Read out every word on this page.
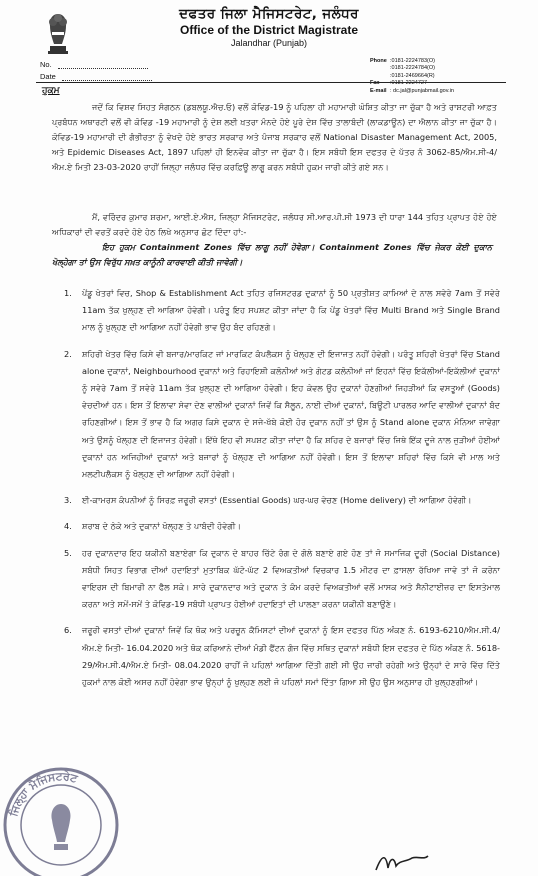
ਦਫਤਰ ਜਿਲਾ ਮੈਜਿਸਟਰੇਟ, ਜਲੰਧਰ
Office of the District Magistrate
Jalandhar (Punjab)
Phone :0181-2224783(O)
:0181-2224784(O)
:0181-2469664(R)
Fax :0181-2224727
E-mail : dc.jal@punjabmail.gov.in
No.
Date
ਹੁਕਮ
ਜਦੋਂ ਕਿ ਵਿਸ਼ਵ ਸਿਹਤ ਸੰਗਠਨ (ਡਬਲਯੂ.ਐਚ.ਓ) ਵਲੋਂ ਕੋਵਿਡ-19 ਨੂੰ ਪਹਿਲਾ ਹੀ ਮਹਾਮਾਰੀ ਘੋਸ਼ਿਤ ਕੀਤਾ ਜਾ ਚੁੱਕਾ ਹੈ ਅਤੇ ਰਾਸ਼ਟਰੀ ਆਫ਼ਤ ਪ੍ਰਬੰਧਨ ਅਥਾਰਟੀ ਵਲੋਂ ਵੀ ਕੋਵਿਡ -19 ਮਹਾਮਾਰੀ ਨੂੰ ਦੇਸ਼ ਲਈ ਖ਼ਤਰਾ ਮੰਨਦੇ ਹੋਏ ਪੂਰੇ ਦੇਸ਼ ਵਿੱਚ ਤਾਲਾਬੰਦੀ (ਲਾਕਡਾਊਨ) ਦਾ ਐਲਾਨ ਕੀਤਾ ਜਾ ਚੁੱਕਾ ਹੈ। ਕੋਵਿਡ-19 ਮਹਾਮਾਰੀ ਦੀ ਗੰਭੀਰਤਾ ਨੂੰ ਵੇਖਦੇ ਹੋਏ ਭਾਰਤ ਸਰਕਾਰ ਅਤੇ ਪੰਜਾਬ ਸਰਕਾਰ ਵਲੋਂ National Disaster Management Act, 2005, ਅਤੇ Epidemic Diseases Act, 1897 ਪਹਿਲਾਂ ਹੀ ਇਨਵੋਕ ਕੀਤਾ ਜਾ ਚੁੱਕਾ ਹੈ। ਇਸ ਸਬੰਧੀ ਇਸ ਦਫਤਰ ਦੇ ਪੱਤਰ ਨੰ 3062-85/ਐਮ.ਸੀ-4/ਐਮ.ਏ ਮਿਤੀ 23-03-2020 ਰਾਹੀਂ ਜਿਲ੍ਹਾ ਜਲੰਧਰ ਵਿੱਚ ਕਰਫ਼ਿਊ ਲਾਗੂ ਕਰਨ ਸਬੰਧੀ ਹੁਕਮ ਜਾਰੀ ਕੀਤੇ ਗਏ ਸਨ।
ਮੈਂ, ਵਰਿੰਦਰ ਕੁਮਾਰ ਸ਼ਰਮਾ, ਆਈ.ਏ.ਐਸ, ਜਿਲ੍ਹਾ ਮੈਜਿਸਟਰੇਟ, ਜਲੰਧਰ ਸੀ.ਆਰ.ਪੀ.ਸੀ 1973 ਦੀ ਧਾਰਾ 144 ਤਹਿਤ ਪ੍ਰਾਪਤ ਹੋਏ ਹੋਏ ਅਧਿਕਾਰਾਂ ਦੀ ਵਰਤੋਂ ਕਰਦੇ ਹੋਏ ਹੇਠ ਲਿਖੇ ਅਨੁਸਾਰ ਛੋਟ ਦਿੰਦਾ ਹਾਂ:-
ਇਹ ਹੁਕਮ Containment Zones ਵਿੱਚ ਲਾਗੂ ਨਹੀਂ ਹੋਵੇਗਾ। Containment Zones ਵਿੱਚ ਜੇਕਰ ਕੋਈ ਦੁਕਾਨ ਖੋਲ੍ਹੇਗਾ ਤਾਂ ਉਸ ਵਿਰੁੱਧ ਸਖ਼ਤ ਕਾਨੂੰਨੀ ਕਾਰਵਾਈ ਕੀਤੀ ਜਾਵੇਗੀ।
1. ਪੇਂਡੂ ਖੇਤਰਾਂ ਵਿਚ, Shop & Establishment Act ਤਹਿਤ ਰਜਿਸਟਰਡ ਦੁਕਾਨਾਂ ਨੂੰ 50 ਪ੍ਰਤੀਸ਼ਤ ਕਾਮਿਆਂ ਦੇ ਨਾਲ ਸਵੇਰੇ 7am ਤੋਂ ਸਵੇਰੇ 11am ਤੱਕ ਖੁਲ੍ਹਣ ਦੀ ਆਗਿਆ ਹੋਵੇਗੀ। ਪਰੰਤੂ ਇਹ ਸਪਸ਼ਟ ਕੀਤਾ ਜਾਂਦਾ ਹੈ ਕਿ ਪੇਂਡੂ ਖੇਤਰਾਂ ਵਿੱਚ Multi Brand ਅਤੇ Single Brand ਮਾਲ ਨੂੰ ਖੁਲ੍ਹਣ ਦੀ ਆਗਿਆ ਨਹੀਂ ਹੋਵੇਗੀ ਭਾਵ ਉਹ ਬੰਦ ਰਹਿਣਗੇ।
2. ਸ਼ਹਿਰੀ ਖੇਤਰ ਵਿੱਚ ਕਿਸੇ ਵੀ ਬਜਾਰ/ਮਾਰਕਿਟ ਜਾਂ ਮਾਰਕਿਟ ਕੰਪਲੈਕਸ ਨੂੰ ਖੋਲ੍ਹਣ ਦੀ ਇਜਾਜਤ ਨਹੀਂ ਹੋਵੇਗੀ। ਪਰੰਤੂ ਸ਼ਹਿਰੀ ਖੇਤਰਾਂ ਵਿੱਚ Stand alone ਦੁਕਾਨਾਂ, Neighbourhood ਦੁਕਾਨਾਂ ਅਤੇ ਰਿਹਾਇਸ਼ੀ ਕਲੋਨੀਆਂ ਅਤੇ ਗੇਟਡ ਕਲੋਨੀਆਂ ਜਾਂ ਇਹਨਾਂ ਵਿੱਚ ਇਕੱਲੀਆਂ-ਇਕੱਲੀਆਂ ਦੁਕਾਨਾਂ ਨੂੰ ਸਵੇਰੇ 7am ਤੋਂ ਸਵੇਰੇ 11am ਤੱਕ ਖੁਲ੍ਹਣ ਦੀ ਆਗਿਆ ਹੋਵੇਗੀ। ਇਹ ਕੇਵਲ ਉਹ ਦੁਕਾਨਾਂ ਹੋਣਗੀਆਂ ਜਿਹੜੀਆਂ ਕਿ ਵਸਤੂਆਂ (Goods) ਵੇਚਦੀਆਂ ਹਨ। ਇਸ ਤੋਂ ਇਲਾਵਾ ਸੇਵਾ ਦੇਣ ਵਾਲੀਆਂ ਦੁਕਾਨਾਂ ਜਿਵੇਂ ਕਿ ਸੈਲੂਨ, ਨਾਈ ਦੀਆਂ ਦੁਕਾਨਾਂ, ਬਿਊਟੀ ਪਾਰਲਰ ਆਦਿ ਵਾਲੀਆਂ ਦੁਕਾਨਾਂ ਬੰਦ ਰਹਿਣਗੀਆਂ। ਇਸ ਤੋਂ ਭਾਵ ਹੈ ਕਿ ਅਗਰ ਕਿਸੇ ਦੁਕਾਨ ਦੇ ਸਜੇ-ਖੱਬੇ ਕੋਈ ਹੋਰ ਦੁਕਾਨ ਨਹੀਂ ਤਾਂ ਉਸ ਨੂੰ Stand alone ਦੁਕਾਨ ਮੰਨਿਆ ਜਾਵੇਗਾ ਅਤੇ ਉਸਨੂੰ ਖੋਲ੍ਹਣ ਦੀ ਇਜਾਜਤ ਹੋਵੇਗੀ। ਇੱਥੇ ਇਹ ਵੀ ਸਪਸ਼ਟ ਕੀਤਾ ਜਾਂਦਾ ਹੈ ਕਿ ਸ਼ਹਿਰ ਦੇ ਬਜਾਰਾਂ ਵਿੱਚ ਜਿਥੇ ਇੱਕ ਦੂਜੇ ਨਾਲ ਜੁੜੀਆਂ ਹੋਈਆਂ ਦੁਕਾਨਾਂ ਹਨ ਅਜਿਹੀਆਂ ਦੁਕਾਨਾਂ ਅਤੇ ਬਜਾਰਾਂ ਨੂੰ ਖੋਲ੍ਹਣ ਦੀ ਆਗਿਆ ਨਹੀਂ ਹੋਵੇਗੀ। ਇਸ ਤੋਂ ਇਲਾਵਾ ਸ਼ਹਿਰਾਂ ਵਿੱਚ ਕਿਸੇ ਵੀ ਮਾਲ ਅਤੇ ਮਲਟੀਪਲੈਕਸ ਨੂੰ ਖੋਲ੍ਹਣ ਦੀ ਆਗਿਆ ਨਹੀਂ ਹੋਵੇਗੀ।
3. ਈ-ਕਾਮਰਸ ਕੰਪਨੀਆਂ ਨੂੰ ਸਿਰਫ਼ ਜਰੂਰੀ ਵਸਤਾਂ (Essential Goods) ਘਰ-ਘਰ ਵੇਚਣ (Home delivery) ਦੀ ਆਗਿਆ ਹੋਵੇਗੀ।
4. ਸ਼ਰਾਬ ਦੇ ਠੇਕੇ ਅਤੇ ਦੁਕਾਨਾਂ ਖੋਲ੍ਹਣ ਤੇ ਪਾਬੰਦੀ ਹੋਵੇਗੀ।
5. ਹਰ ਦੁਕਾਨਦਾਰ ਇਹ ਯਕੀਨੀ ਬਣਾਏਗਾ ਕਿ ਦੁਕਾਨ ਦੇ ਬਾਹਰ ਚਿੱਟੇ ਰੰਗ ਦੇ ਗੋਲੇ ਬਣਾਏ ਗਏ ਹੋਣ ਤਾਂ ਜੋ ਸਮਾਜਿਕ ਦੂਰੀ (Social Distance) ਸਬੰਧੀ ਸਿਹਤ ਵਿਭਾਗ ਦੀਆਂ ਹਦਾਇਤਾਂ ਮੁਤਾਬਿਕ ਘੱਟੋ-ਘੱਟ 2 ਵਿਅਕਤੀਆਂ ਵਿਚਕਾਰ 1.5 ਮੀਟਰ ਦਾ ਫ਼ਾਸਲਾ ਰੱਖਿਆ ਜਾਵੇ ਤਾਂ ਜੋ ਕਰੋਨਾ ਵਾਇਰਸ ਦੀ ਬਿਮਾਰੀ ਨਾ ਫੈਲ ਸਕੇ। ਸਾਰੇ ਦੁਕਾਨਦਾਰ ਅਤੇ ਦੁਕਾਨ ਤੇ ਕੰਮ ਕਰਦੇ ਵਿਅਕਤੀਆਂ ਵਲੋਂ ਮਾਸਕ ਅਤੇ ਸੈਨੀਟਾਈਜ਼ਰ ਦਾ ਇਸਤੇਮਾਲ ਕਰਨਾ ਅਤੇ ਸਮੇਂ-ਸਮੇਂ ਤੇ ਕੋਵਿਡ-19 ਸਬੰਧੀ ਪ੍ਰਾਪਤ ਹੋਈਆਂ ਹਦਾਇਤਾਂ ਦੀ ਪਾਲਣਾ ਕਰਨਾ ਯਕੀਨੀ ਬਣਾਉਣੇ।
6. ਜਰੂਰੀ ਵਸਤਾਂ ਦੀਆਂ ਦੁਕਾਨਾਂ ਜਿਵੇਂ ਕਿ ਥੋਕ ਅਤੇ ਪਰਚੂਨ ਕੈਮਿਸਟਾਂ ਦੀਆਂ ਦੁਕਾਨਾਂ ਨੂੰ ਇਸ ਦਫਤਰ ਪਿੱਠ ਅੰਕਣ ਨੰ. 6193-6210/ਐਮ.ਸੀ.4/ਐਮ.ਏ ਮਿਤੀ- 16.04.2020 ਅਤੇ ਥੋਕ ਕਰਿਆਨੇ ਦੀਆਂ ਮੰਡੀ ਫੈਂਟਨ ਗੰਜ ਵਿੱਚ ਸਥਿਤ ਦੁਕਾਨਾਂ ਸਬੰਧੀ ਇਸ ਦਫਤਰ ਦੇ ਪਿੱਠ ਅੰਕਣ ਨੰ. 5618-29/ਐਮ.ਸੀ.4/ਐਮ.ਏ ਮਿਤੀ- 08.04.2020 ਰਾਹੀਂ ਜੋ ਪਹਿਲਾਂ ਆਗਿਆ ਦਿੱਤੀ ਗਈ ਸੀ ਉਹ ਜਾਰੀ ਰਹੇਗੀ ਅਤੇ ਉਨ੍ਹਾਂ ਦੇ ਸਾਰੇ ਵਿੱਚ ਦਿੱਤੇ ਹੁਕਮਾਂ ਨਾਲ ਕੋਈ ਅਸਰ ਨਹੀਂ ਹੋਵੇਗਾ ਭਾਵ ਉਨ੍ਹਾਂ ਨੂੰ ਖੁਲ੍ਹਣ ਲਈ ਜੋ ਪਹਿਲਾਂ ਸਮਾਂ ਦਿੱਤਾ ਗਿਆ ਸੀ ਉਹ ਉਸ ਅਨੁਸਾਰ ਹੀ ਖੁਲ੍ਹਣਗੀਆਂ।
ਜਿਲ੍ਹਾ ਮੈਜਿਸਟਰੇਟ
